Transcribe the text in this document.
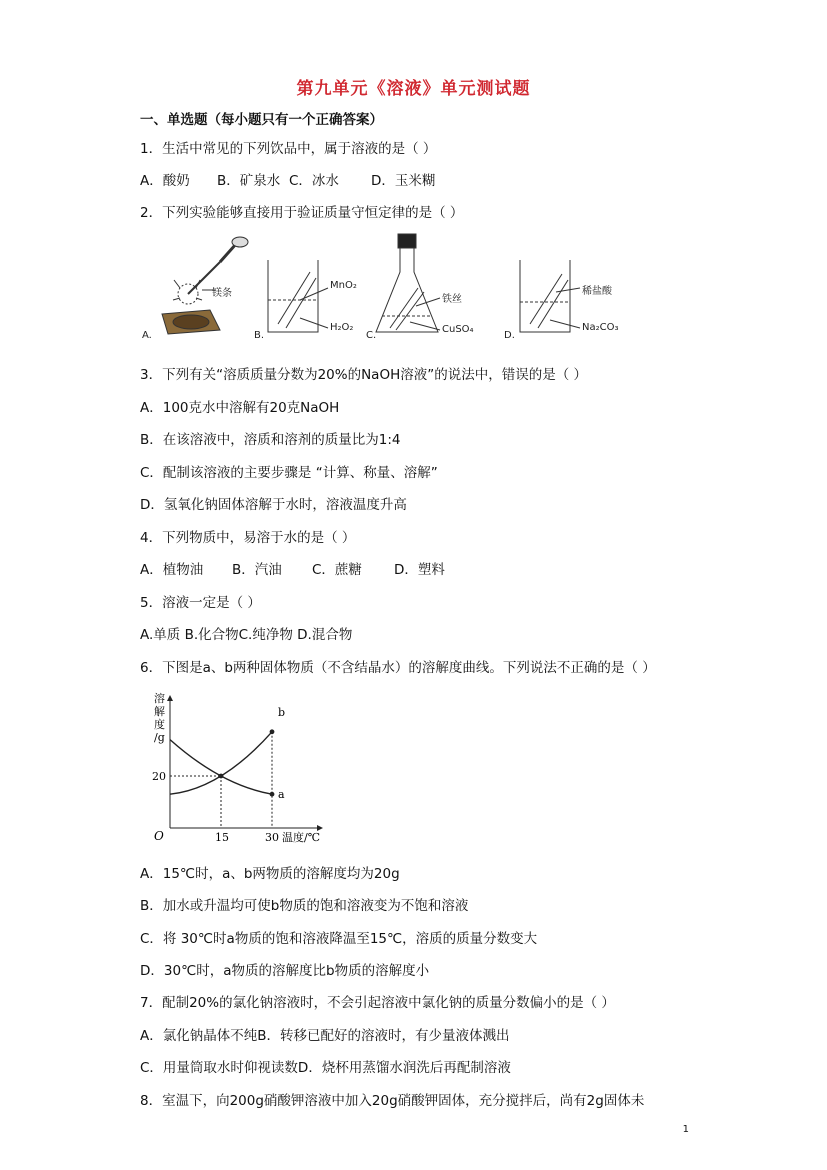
第九单元《溶液》单元测试题
一、单选题（每小题只有一个正确答案）
1．生活中常见的下列饮品中，属于溶液的是（ ）
A．酸奶 B．矿泉水 C．冰水 D．玉米糊
2．下列实验能够直接用于验证质量守恒定律的是（ ）
A.
镁条
B.
MnO₂
H₂O₂
C.
铁丝
CuSO₄
D.
稀盐酸
Na₂CO₃
3．下列有关“溶质质量分数为20%的NaOH溶液”的说法中，错误的是（ ）
A．100克水中溶解有20克NaOH
B．在该溶液中，溶质和溶剂的质量比为1:4
C．配制该溶液的主要步骤是 “计算、称量、溶解”
D．氢氧化钠固体溶解于水时，溶液温度升高
4．下列物质中，易溶于水的是（ ）
A．植物油 B．汽油 C．蔗糖 D．塑料
5．溶液一定是（ ）
A.单质 B.化合物C.纯净物 D.混合物
6．下图是a、b两种固体物质（不含结晶水）的溶解度曲线。下列说法不正确的是（ ）
溶
解
度
/g
O
a
b
15	30
20
温度/℃
A．15℃时，a、b两物质的溶解度均为20g
B．加水或升温均可使b物质的饱和溶液变为不饱和溶液
C．将 30℃时a物质的饱和溶液降温至15℃，溶质的质量分数变大
D．30℃时，a物质的溶解度比b物质的溶解度小
7．配制20%的氯化钠溶液时，不会引起溶液中氯化钠的质量分数偏小的是（ ）
A．氯化钠晶体不纯B．转移已配好的溶液时，有少量液体溅出
C．用量筒取水时仰视读数D．烧杯用蒸馏水润洗后再配制溶液
8．室温下，向200g硝酸钾溶液中加入20g硝酸钾固体，充分搅拌后，尚有2g固体未
1
